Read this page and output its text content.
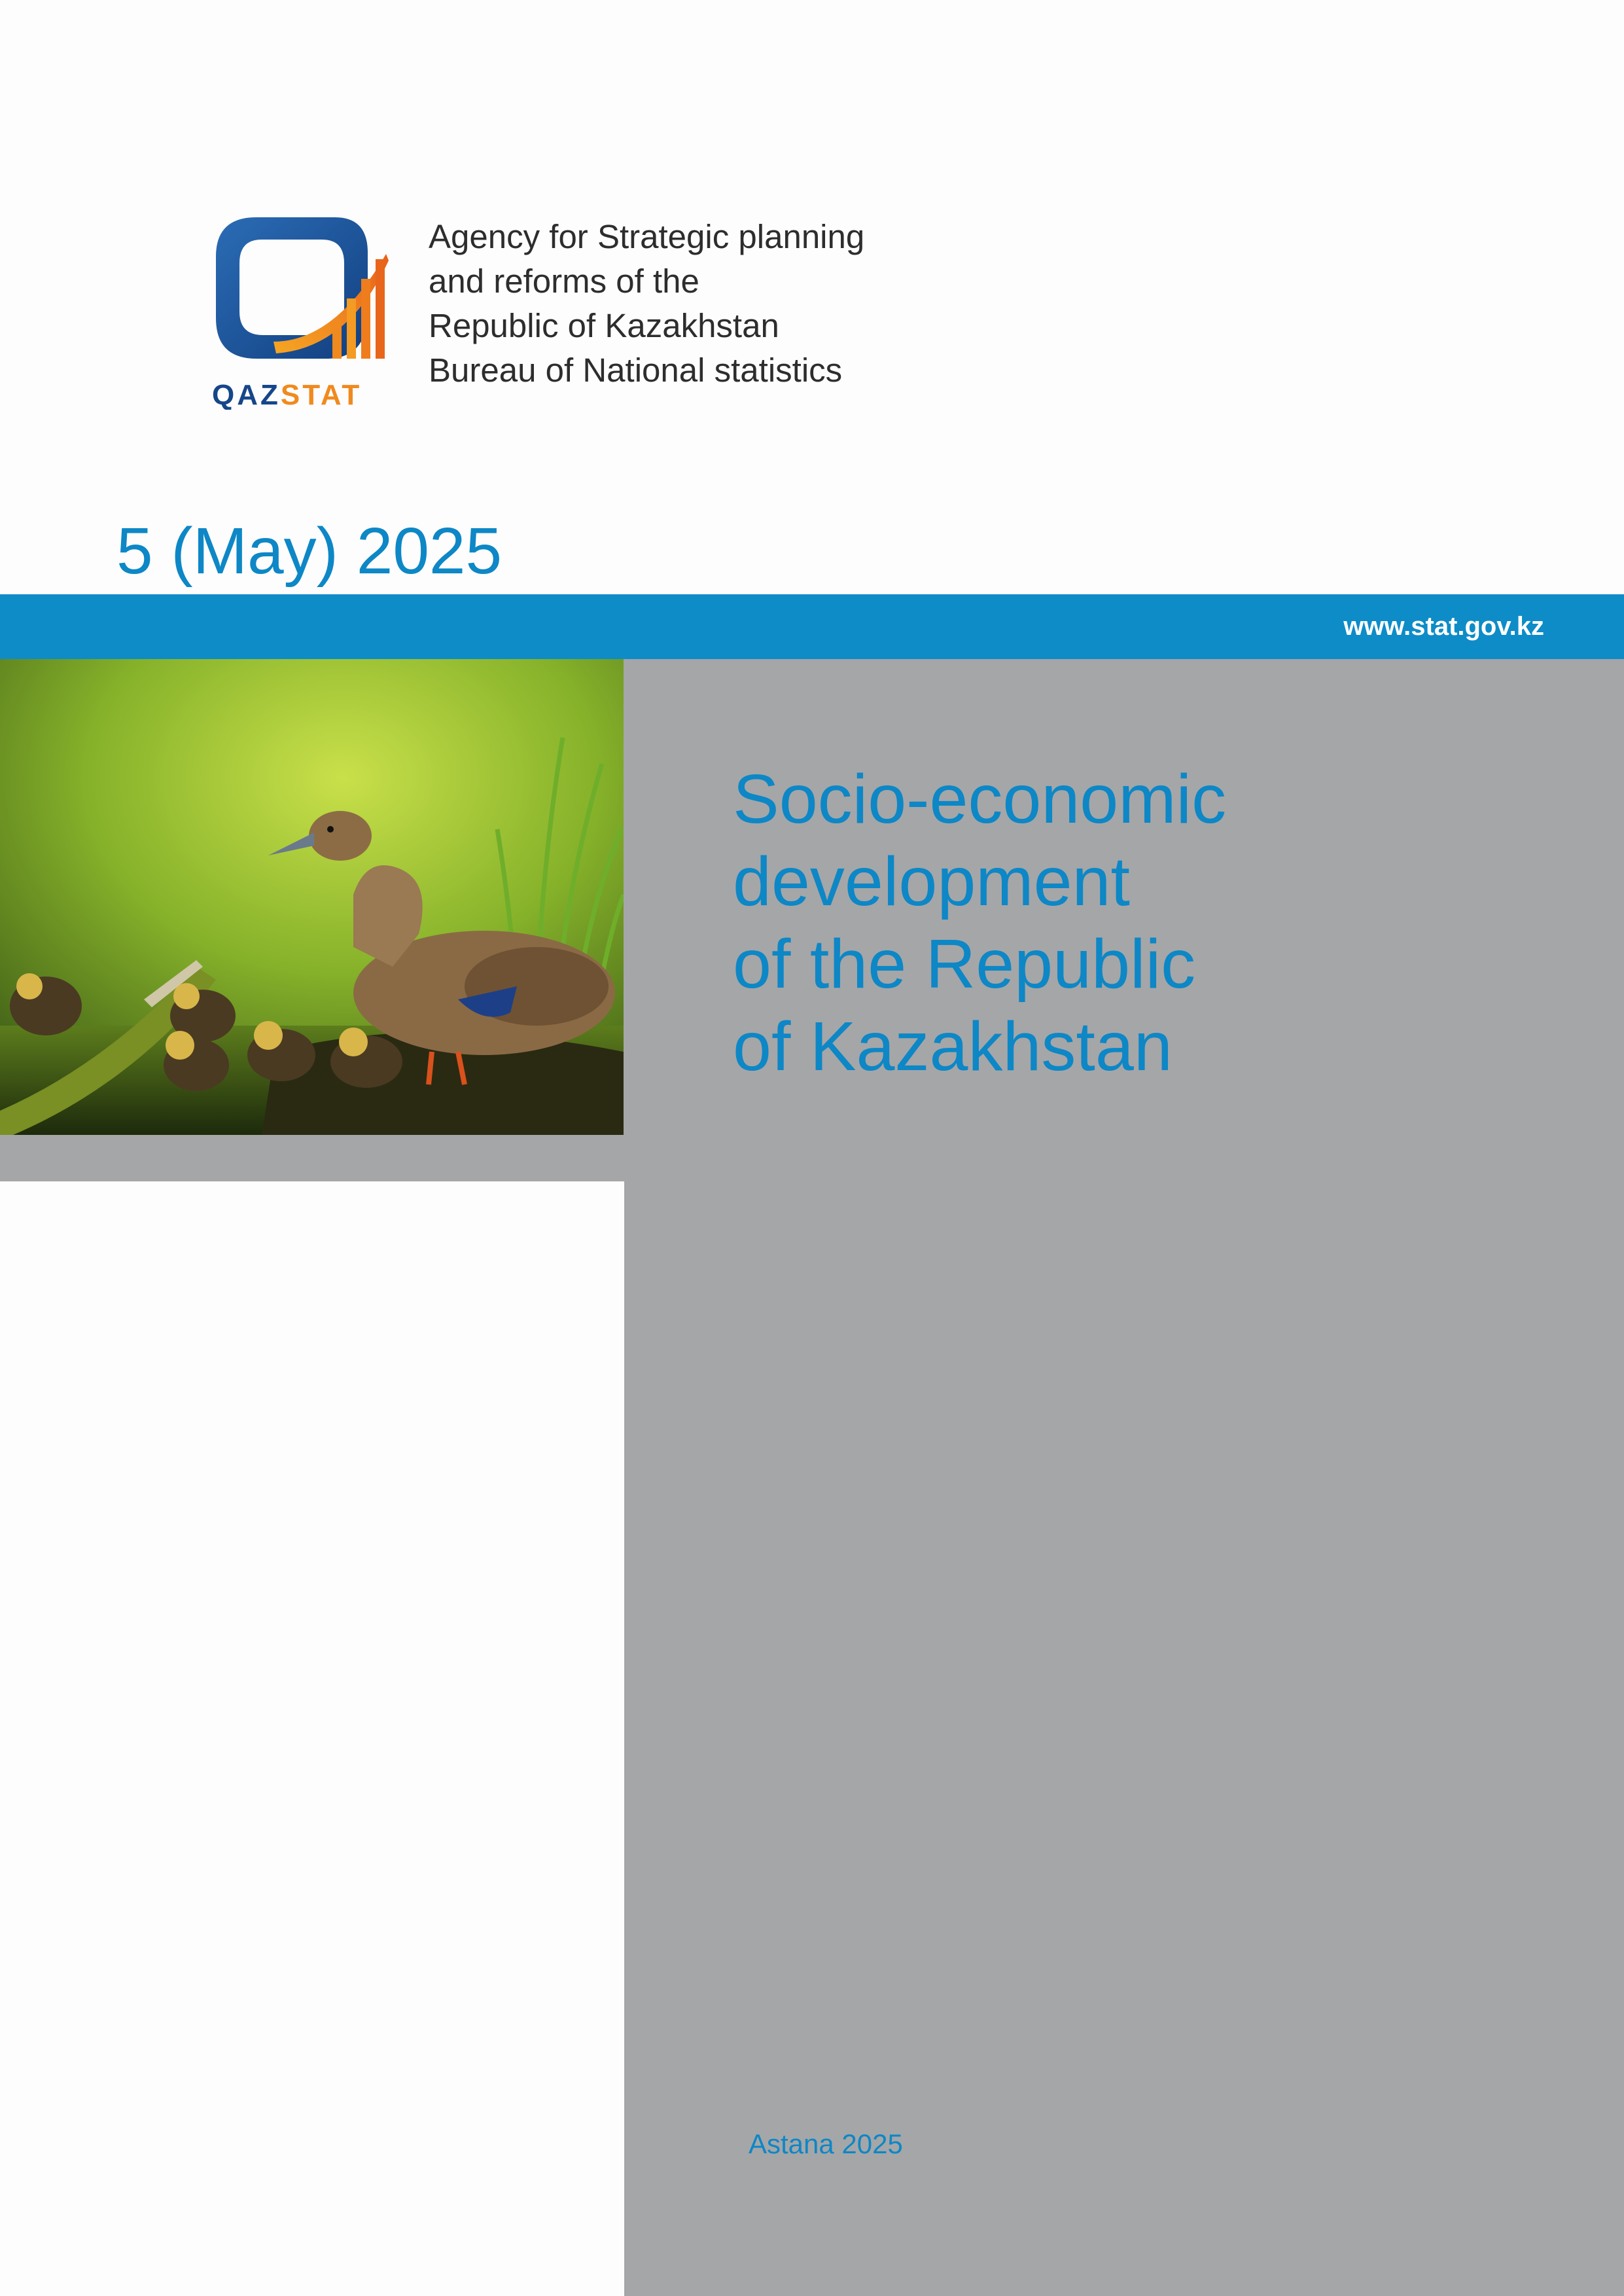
QAZSTAT
Agency for Strategic planning
and reforms of the
Republic of Kazakhstan
Bureau of National statistics
5 (May) 2025
www.stat.gov.kz
Socio-economic
development
of the Republic
of Kazakhstan
Astana 2025
